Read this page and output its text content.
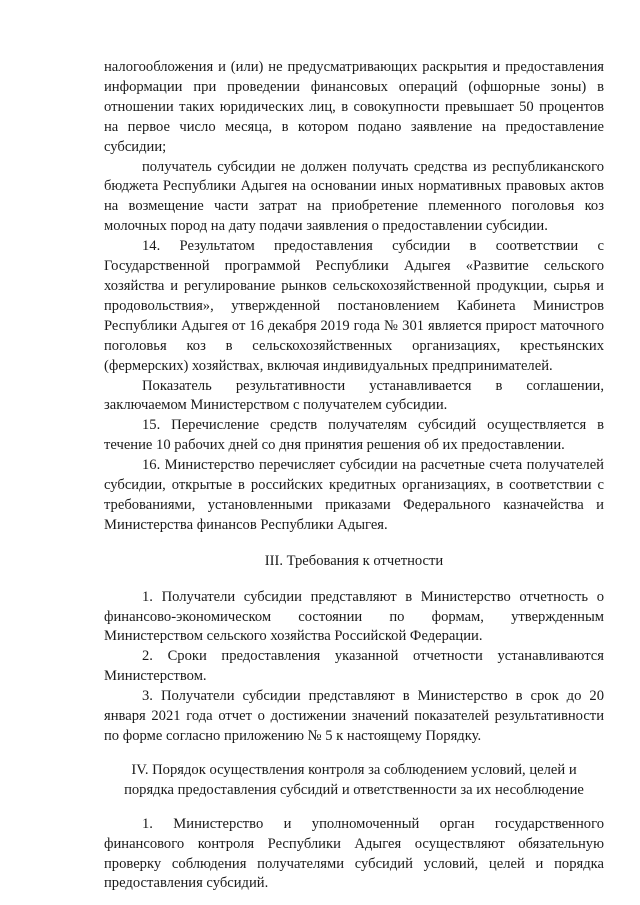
налогообложения и (или) не предусматривающих раскрытия и предоставления информации при проведении финансовых операций (офшорные зоны) в отношении таких юридических лиц, в совокупности превышает 50 процентов на первое число месяца, в котором подано заявление на предоставление субсидии;

получатель субсидии не должен получать средства из республиканского бюджета Республики Адыгея на основании иных нормативных правовых актов на возмещение части затрат на приобретение племенного поголовья коз молочных пород на дату подачи заявления о предоставлении субсидии.

14. Результатом предоставления субсидии в соответствии с Государственной программой Республики Адыгея «Развитие сельского хозяйства и регулирование рынков сельскохозяйственной продукции, сырья и продовольствия», утвержденной постановлением Кабинета Министров Республики Адыгея от 16 декабря 2019 года № 301 является прирост маточного поголовья коз в сельскохозяйственных организациях, крестьянских (фермерских) хозяйствах, включая индивидуальных предпринимателей.

Показатель результативности устанавливается в соглашении, заключаемом Министерством с получателем субсидии.

15. Перечисление средств получателям субсидий осуществляется в течение 10 рабочих дней со дня принятия решения об их предоставлении.

16. Министерство перечисляет субсидии на расчетные счета получателей субсидии, открытые в российских кредитных организациях, в соответствии с требованиями, установленными приказами Федерального казначейства и Министерства финансов Республики Адыгея.

III. Требования к отчетности

1. Получатели субсидии представляют в Министерство отчетность о финансово-экономическом состоянии по формам, утвержденным Министерством сельского хозяйства Российской Федерации.

2. Сроки предоставления указанной отчетности устанавливаются Министерством.

3. Получатели субсидии представляют в Министерство в срок до 20 января 2021 года отчет о достижении значений показателей результативности по форме согласно приложению № 5 к настоящему Порядку.

IV. Порядок осуществления контроля за соблюдением условий, целей и

порядка предоставления субсидий и ответственности за их несоблюдение

1. Министерство и уполномоченный орган государственного финансового контроля Республики Адыгея осуществляют обязательную проверку соблюдения получателями субсидий условий, целей и порядка предоставления субсидий.
